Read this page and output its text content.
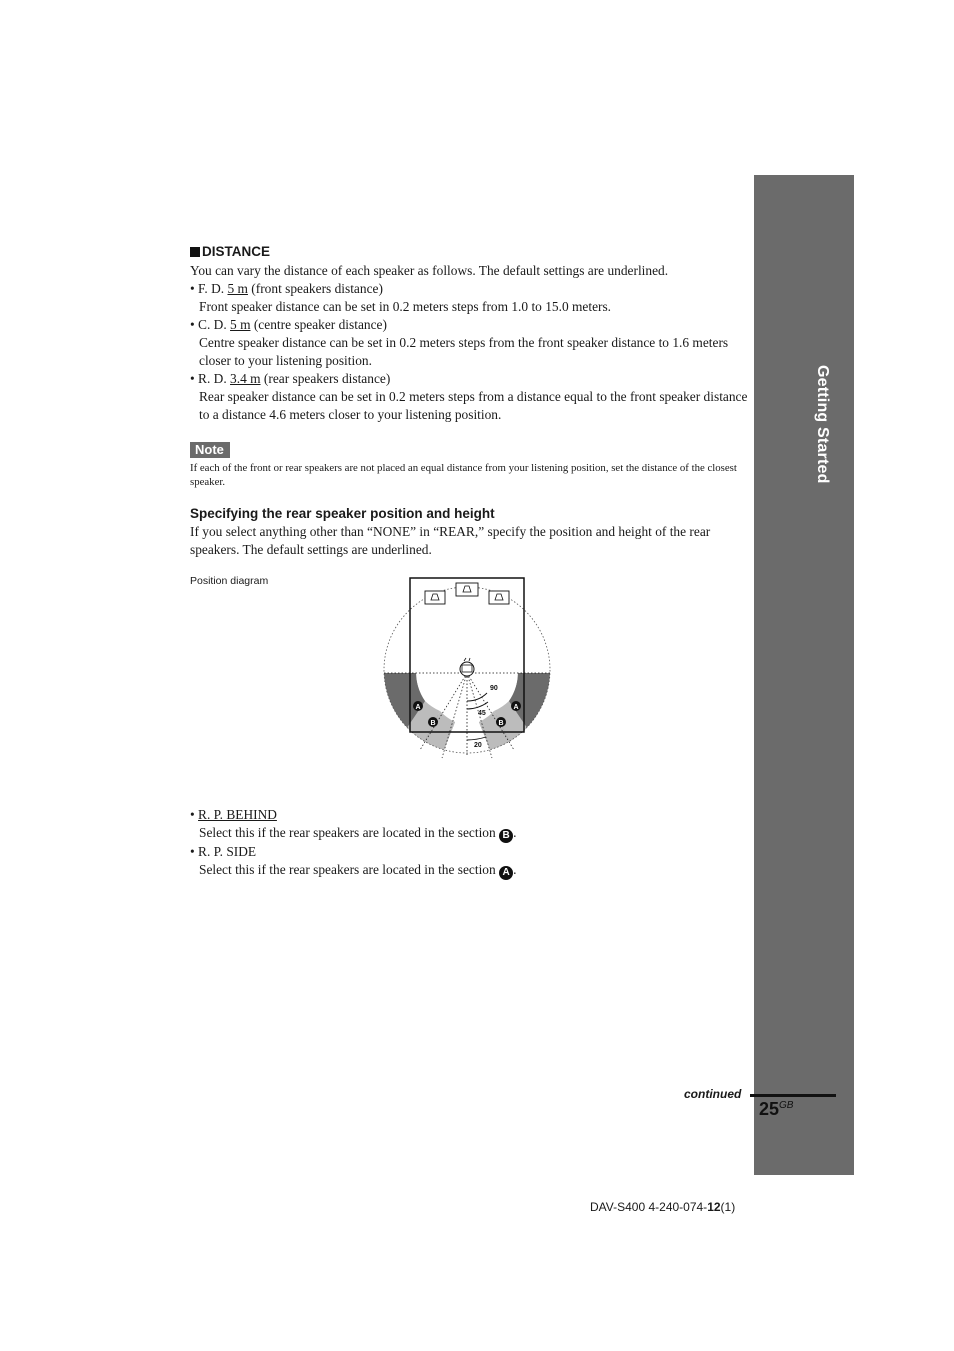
Getting Started
DISTANCE

You can vary the distance of each speaker as follows. The default settings are underlined.

• F. D. 5 m (front speakers distance)
Front speaker distance can be set in 0.2 meters steps from 1.0 to 15.0 meters.
• C. D. 5 m (centre speaker distance)
Centre speaker distance can be set in 0.2 meters steps from the front speaker distance to 1.6 meters closer to your listening position.
• R. D. 3.4 m (rear speakers distance)
Rear speaker distance can be set in 0.2 meters steps from a distance equal to the front speaker distance to a distance 4.6 meters closer to your listening position.
Note
If each of the front or rear speakers are not placed an equal distance from your listening position, set the distance of the closest speaker.
Specifying the rear speaker position and height

If you select anything other than “NONE” in “REAR,” specify the position and height of the rear speakers. The default settings are underlined.

Position diagram
90
45
20
A	A
B	B
• R. P. BEHIND
Select this if the rear speakers are located in the section B .
• R. P. SIDE
Select this if the rear speakers are located in the section A .
continued
$25^{GB}$
DAV-S400 4-240-074-12(1)
